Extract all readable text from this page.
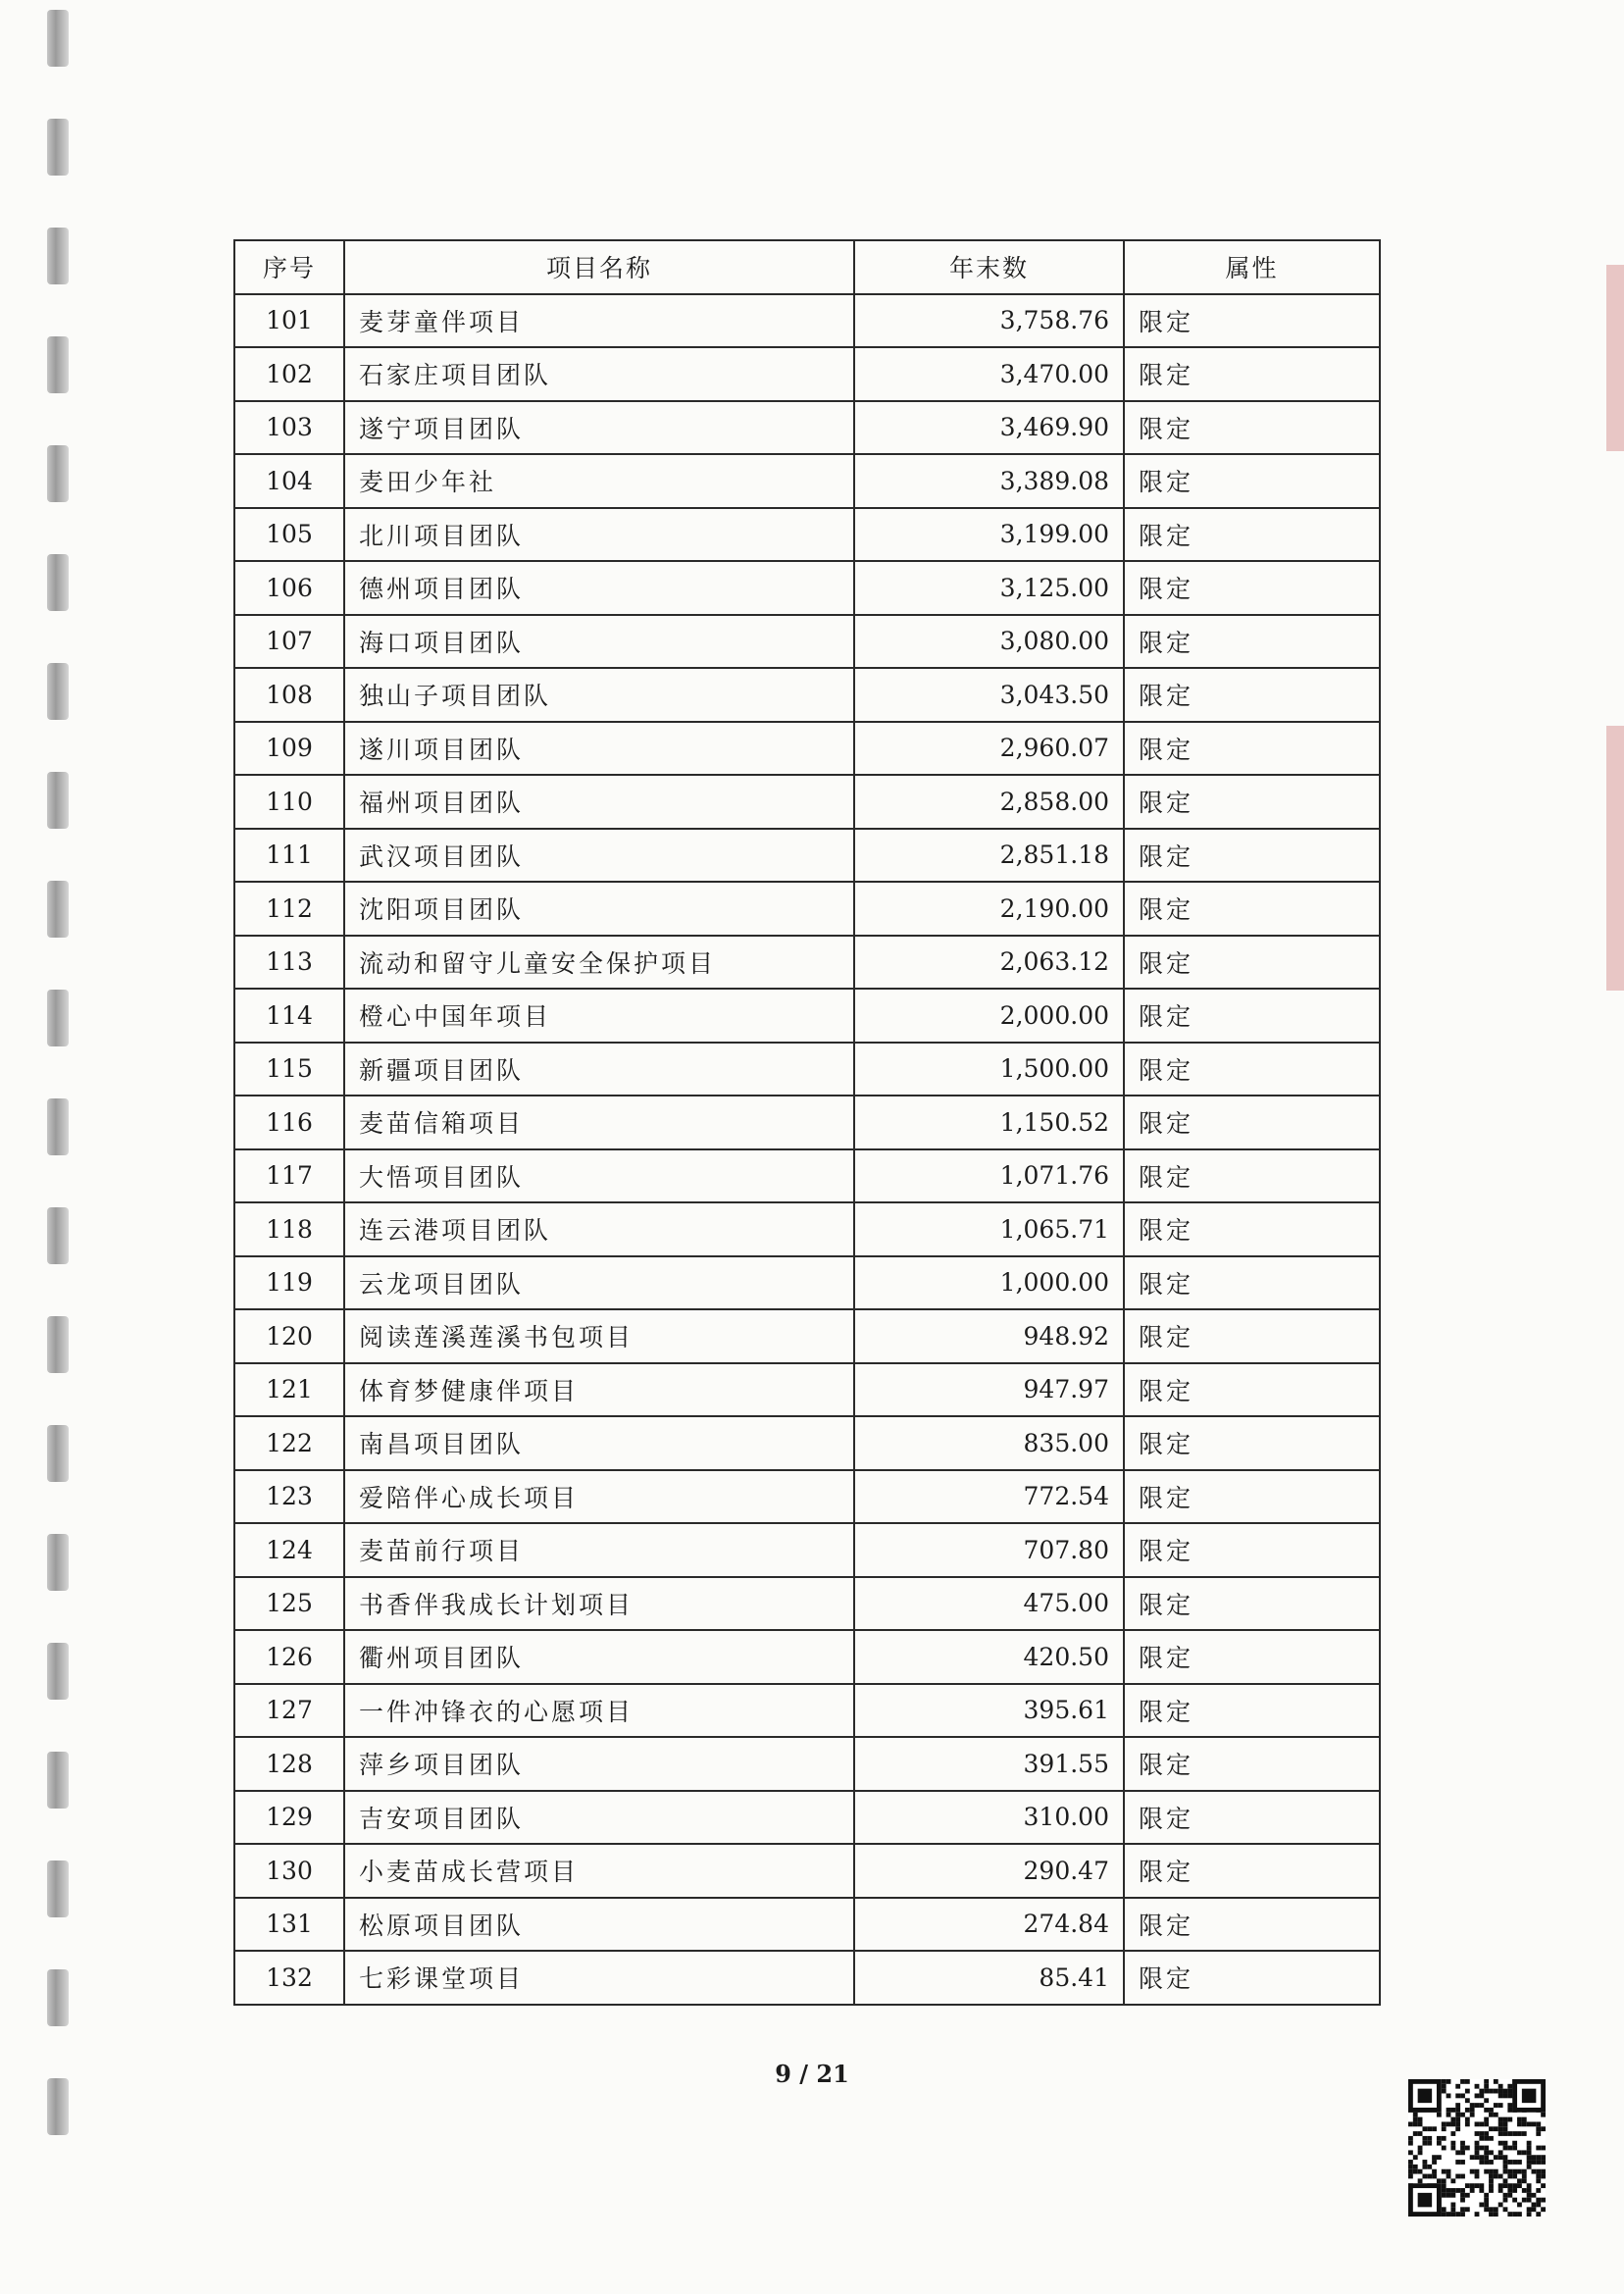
序号	项目名称	年末数	属性
101	麦芽童伴项目	3,758.76	限定
102	石家庄项目团队	3,470.00	限定
103	遂宁项目团队	3,469.90	限定
104	麦田少年社	3,389.08	限定
105	北川项目团队	3,199.00	限定
106	德州项目团队	3,125.00	限定
107	海口项目团队	3,080.00	限定
108	独山子项目团队	3,043.50	限定
109	遂川项目团队	2,960.07	限定
110	福州项目团队	2,858.00	限定
111	武汉项目团队	2,851.18	限定
112	沈阳项目团队	2,190.00	限定
113	流动和留守儿童安全保护项目	2,063.12	限定
114	橙心中国年项目	2,000.00	限定
115	新疆项目团队	1,500.00	限定
116	麦苗信箱项目	1,150.52	限定
117	大悟项目团队	1,071.76	限定
118	连云港项目团队	1,065.71	限定
119	云龙项目团队	1,000.00	限定
120	阅读莲溪莲溪书包项目	948.92	限定
121	体育梦健康伴项目	947.97	限定
122	南昌项目团队	835.00	限定
123	爱陪伴心成长项目	772.54	限定
124	麦苗前行项目	707.80	限定
125	书香伴我成长计划项目	475.00	限定
126	衢州项目团队	420.50	限定
127	一件冲锋衣的心愿项目	395.61	限定
128	萍乡项目团队	391.55	限定
129	吉安项目团队	310.00	限定
130	小麦苗成长营项目	290.47	限定
131	松原项目团队	274.84	限定
132	七彩课堂项目	85.41	限定
9 / 21
